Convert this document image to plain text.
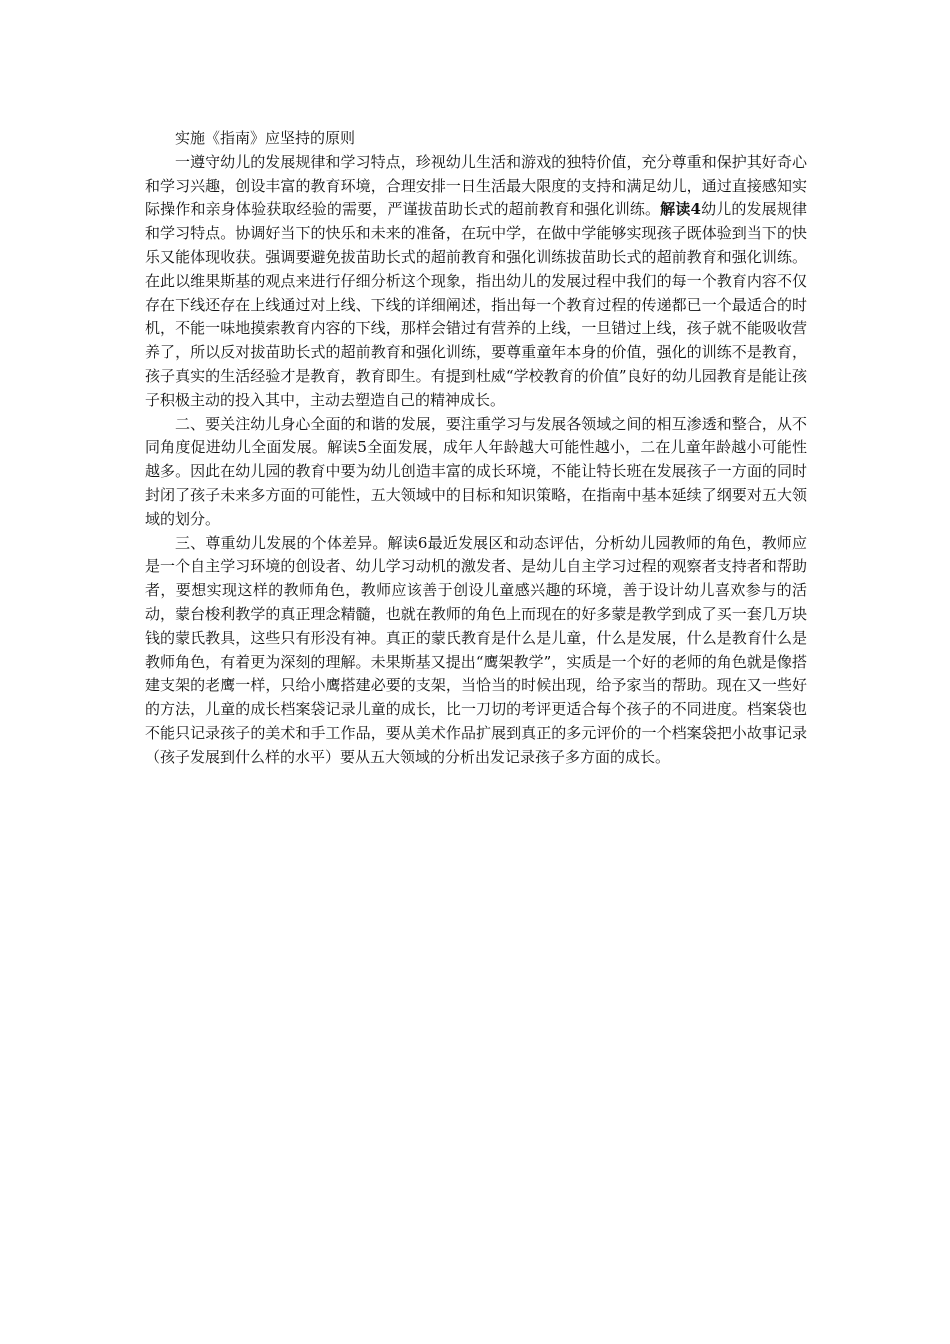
实施《指南》应坚持的原则

一遵守幼儿的发展规律和学习特点，珍视幼儿生活和游戏的独特价值，充分尊重和保护其好奇心和学习兴趣，创设丰富的教育环境，合理安排一日生活最大限度的支持和满足幼儿，通过直接感知实际操作和亲身体验获取经验的需要，严谨拔苗助长式的超前教育和强化训练。解读4幼儿的发展规律和学习特点。协调好当下的快乐和未来的准备，在玩中学，在做中学能够实现孩子既体验到当下的快乐又能体现收获。强调要避免拔苗助长式的超前教育和强化训练拔苗助长式的超前教育和强化训练。在此以维果斯基的观点来进行仔细分析这个现象，指出幼儿的发展过程中我们的每一个教育内容不仅存在下线还存在上线通过对上线、下线的详细阐述，指出每一个教育过程的传递都已一个最适合的时机，不能一味地摸索教育内容的下线，那样会错过有营养的上线，一旦错过上线，孩子就不能吸收营养了，所以反对拔苗助长式的超前教育和强化训练，要尊重童年本身的价值，强化的训练不是教育，孩子真实的生活经验才是教育，教育即生。有提到杜威“学校教育的价值”良好的幼儿园教育是能让孩子积极主动的投入其中，主动去塑造自己的精神成长。

二、要关注幼儿身心全面的和谐的发展，要注重学习与发展各领域之间的相互渗透和整合，从不同角度促进幼儿全面发展。解读5全面发展，成年人年龄越大可能性越小，二在儿童年龄越小可能性越多。因此在幼儿园的教育中要为幼儿创造丰富的成长环境，不能让特长班在发展孩子一方面的同时封闭了孩子未来多方面的可能性，五大领域中的目标和知识策略，在指南中基本延续了纲要对五大领域的划分。

三、尊重幼儿发展的个体差异。解读6最近发展区和动态评估，分析幼儿园教师的角色，教师应是一个自主学习环境的创设者、幼儿学习动机的激发者、是幼儿自主学习过程的观察者支持者和帮助者，要想实现这样的教师角色，教师应该善于创设儿童感兴趣的环境，善于设计幼儿喜欢参与的活动，蒙台梭利教学的真正理念精髓，也就在教师的角色上而现在的好多蒙是教学到成了买一套几万块钱的蒙氏教具，这些只有形没有神。真正的蒙氏教育是什么是儿童，什么是发展，什么是教育什么是教师角色，有着更为深刻的理解。未果斯基又提出“鹰架教学”，实质是一个好的老师的角色就是像搭建支架的老鹰一样，只给小鹰搭建必要的支架，当恰当的时候出现，给予家当的帮助。现在又一些好的方法，儿童的成长档案袋记录儿童的成长，比一刀切的考评更适合每个孩子的不同进度。档案袋也不能只记录孩子的美术和手工作品，要从美术作品扩展到真正的多元评价的一个档案袋把小故事记录（孩子发展到什么样的水平）要从五大领域的分析出发记录孩子多方面的成长。
